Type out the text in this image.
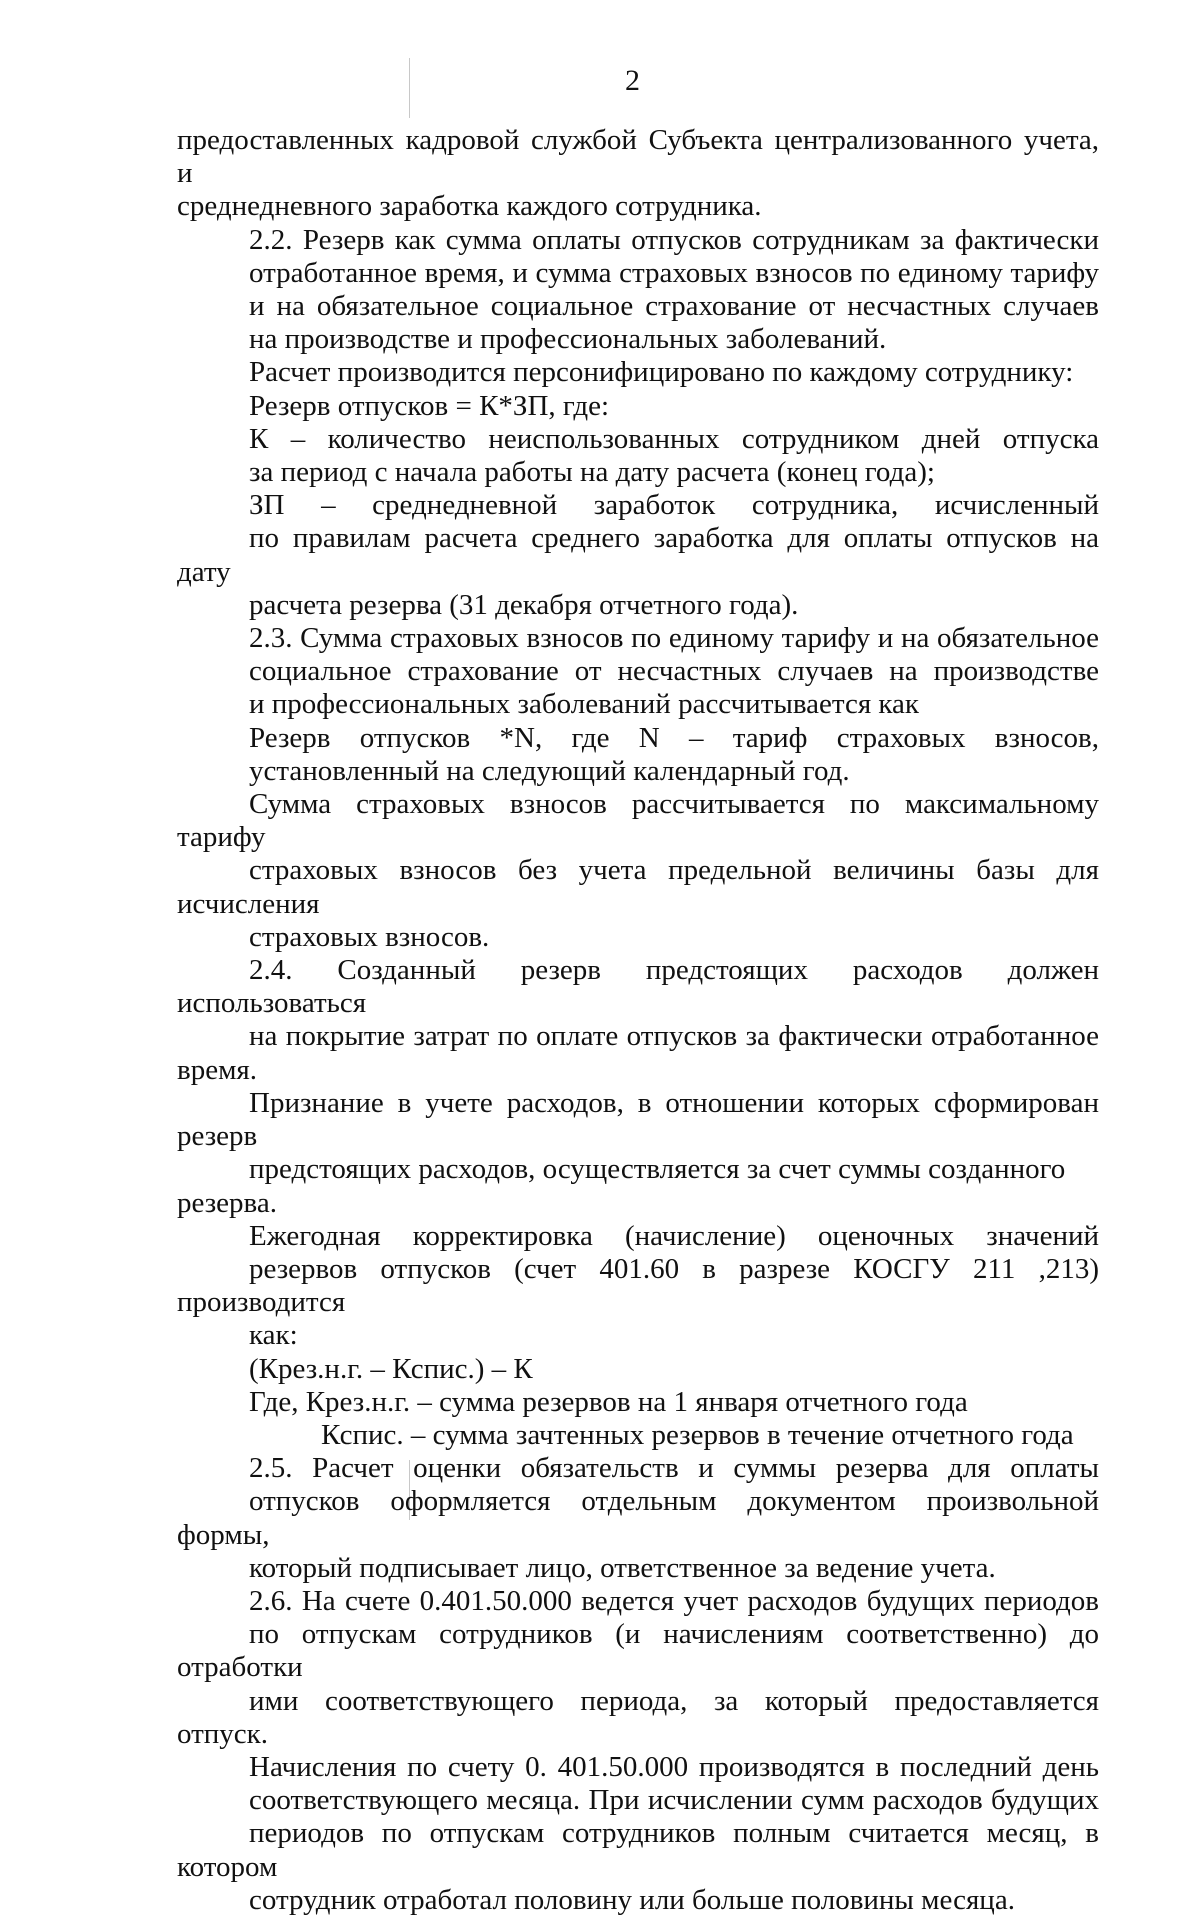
2
предоставленных кадровой службой Субъекта централизованного учета, и
среднедневного заработка каждого сотрудника.
2.2. Резерв как сумма оплаты отпусков сотрудникам за фактически
отработанное время, и сумма страховых взносов по единому тарифу
и на обязательное социальное страхование от несчастных случаев
на производстве и профессиональных заболеваний.
Расчет производится персонифицировано по каждому сотруднику:
Резерв отпусков = К*ЗП, где:
К – количество неиспользованных сотрудником дней отпуска
за период с начала работы на дату расчета (конец года);
ЗП – среднедневной заработок сотрудника, исчисленный
по правилам расчета среднего заработка для оплаты отпусков на дату
расчета резерва (31 декабря отчетного года).
2.3. Сумма страховых взносов по единому тарифу и на обязательное
социальное страхование от несчастных случаев на производстве
и профессиональных заболеваний рассчитывается как
Резерв отпусков *N, где N – тариф страховых взносов,
установленный на следующий календарный год.
Сумма страховых взносов рассчитывается по максимальному тарифу
страховых взносов без учета предельной величины базы для исчисления
страховых взносов.
2.4. Созданный резерв предстоящих расходов должен использоваться
на покрытие затрат по оплате отпусков за фактически отработанное время.
Признание в учете расходов, в отношении которых сформирован резерв
предстоящих расходов, осуществляется за счет суммы созданного резерва.
Ежегодная корректировка (начисление) оценочных значений
резервов отпусков (счет 401.60 в разрезе КОСГУ 211 ,213) производится
как:
(Крез.н.г. – Кспис.) – К
Где, Крез.н.г. – сумма резервов на 1 января отчетного года
Кспис. – сумма зачтенных резервов в течение отчетного года
2.5. Расчет оценки обязательств и суммы резерва для оплаты
отпусков оформляется отдельным документом произвольной формы,
который подписывает лицо, ответственное за ведение учета.
2.6. На счете 0.401.50.000 ведется учет расходов будущих периодов
по отпускам сотрудников (и начислениям соответственно) до отработки
ими соответствующего периода, за который предоставляется отпуск.
Начисления по счету 0. 401.50.000 производятся в последний день
соответствующего месяца. При исчислении сумм расходов будущих
периодов по отпускам сотрудников полным считается месяц, в котором
сотрудник отработал половину или больше половины месяца.
